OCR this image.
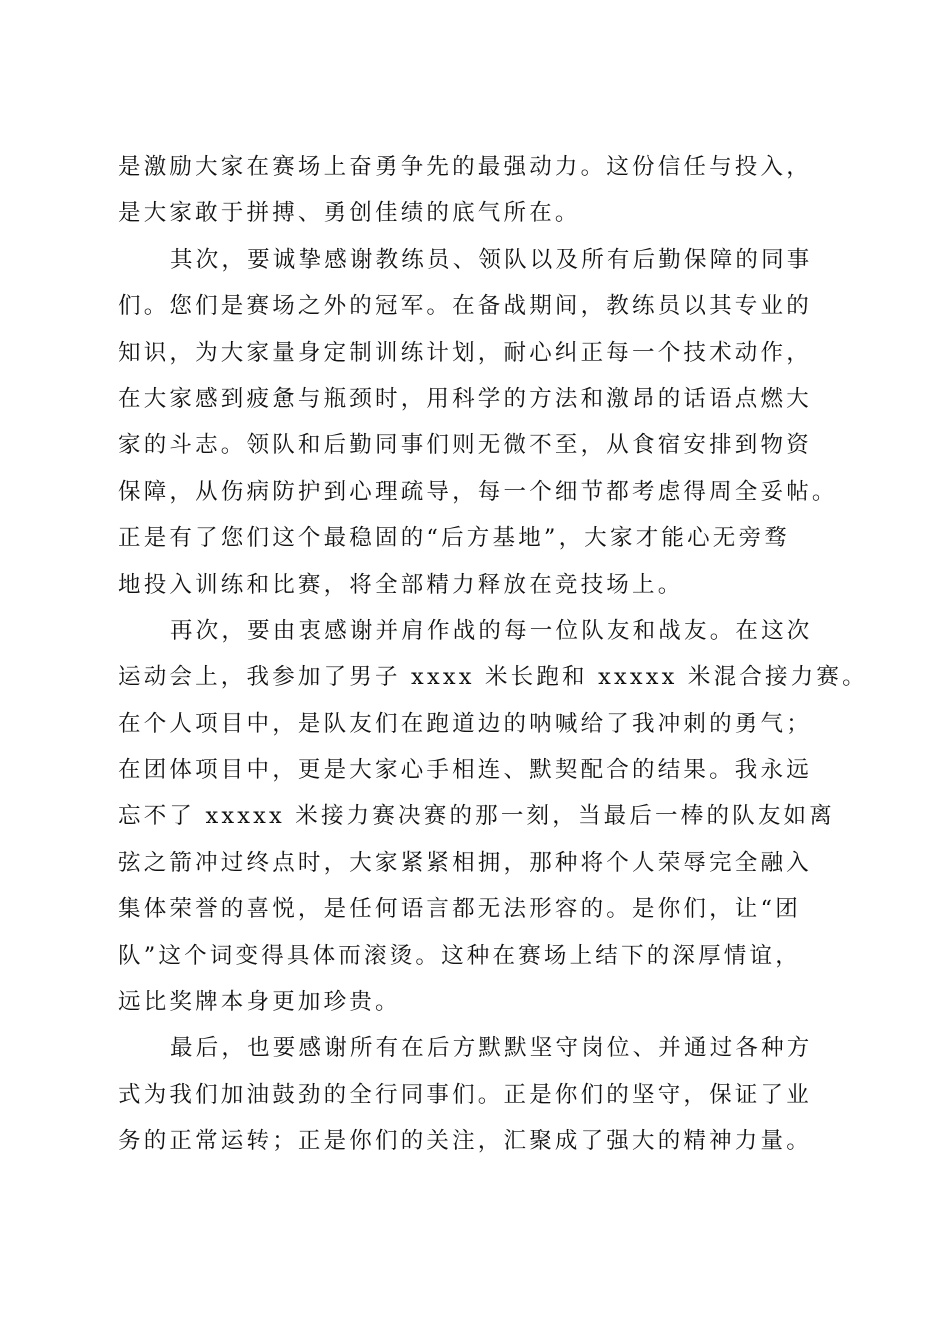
是激励大家在赛场上奋勇争先的最强动力。这份信任与投入，
是大家敢于拼搏、勇创佳绩的底气所在。
其次，要诚挚感谢教练员、领队以及所有后勤保障的同事
们。您们是赛场之外的冠军。在备战期间，教练员以其专业的
知识，为大家量身定制训练计划，耐心纠正每一个技术动作，
在大家感到疲惫与瓶颈时，用科学的方法和激昂的话语点燃大
家的斗志。领队和后勤同事们则无微不至，从食宿安排到物资
保障，从伤病防护到心理疏导，每一个细节都考虑得周全妥帖。
正是有了您们这个最稳固的“后方基地”，大家才能心无旁骛
地投入训练和比赛，将全部精力释放在竞技场上。
再次，要由衷感谢并肩作战的每一位队友和战友。在这次
运动会上，我参加了男子 xxxx 米长跑和 xxxxx 米混合接力赛。
在个人项目中，是队友们在跑道边的呐喊给了我冲刺的勇气；
在团体项目中，更是大家心手相连、默契配合的结果。我永远
忘不了 xxxxx 米接力赛决赛的那一刻，当最后一棒的队友如离
弦之箭冲过终点时，大家紧紧相拥，那种将个人荣辱完全融入
集体荣誉的喜悦，是任何语言都无法形容的。是你们，让“团
队”这个词变得具体而滚烫。这种在赛场上结下的深厚情谊，
远比奖牌本身更加珍贵。
最后，也要感谢所有在后方默默坚守岗位、并通过各种方
式为我们加油鼓劲的全行同事们。正是你们的坚守，保证了业
务的正常运转；正是你们的关注，汇聚成了强大的精神力量。
